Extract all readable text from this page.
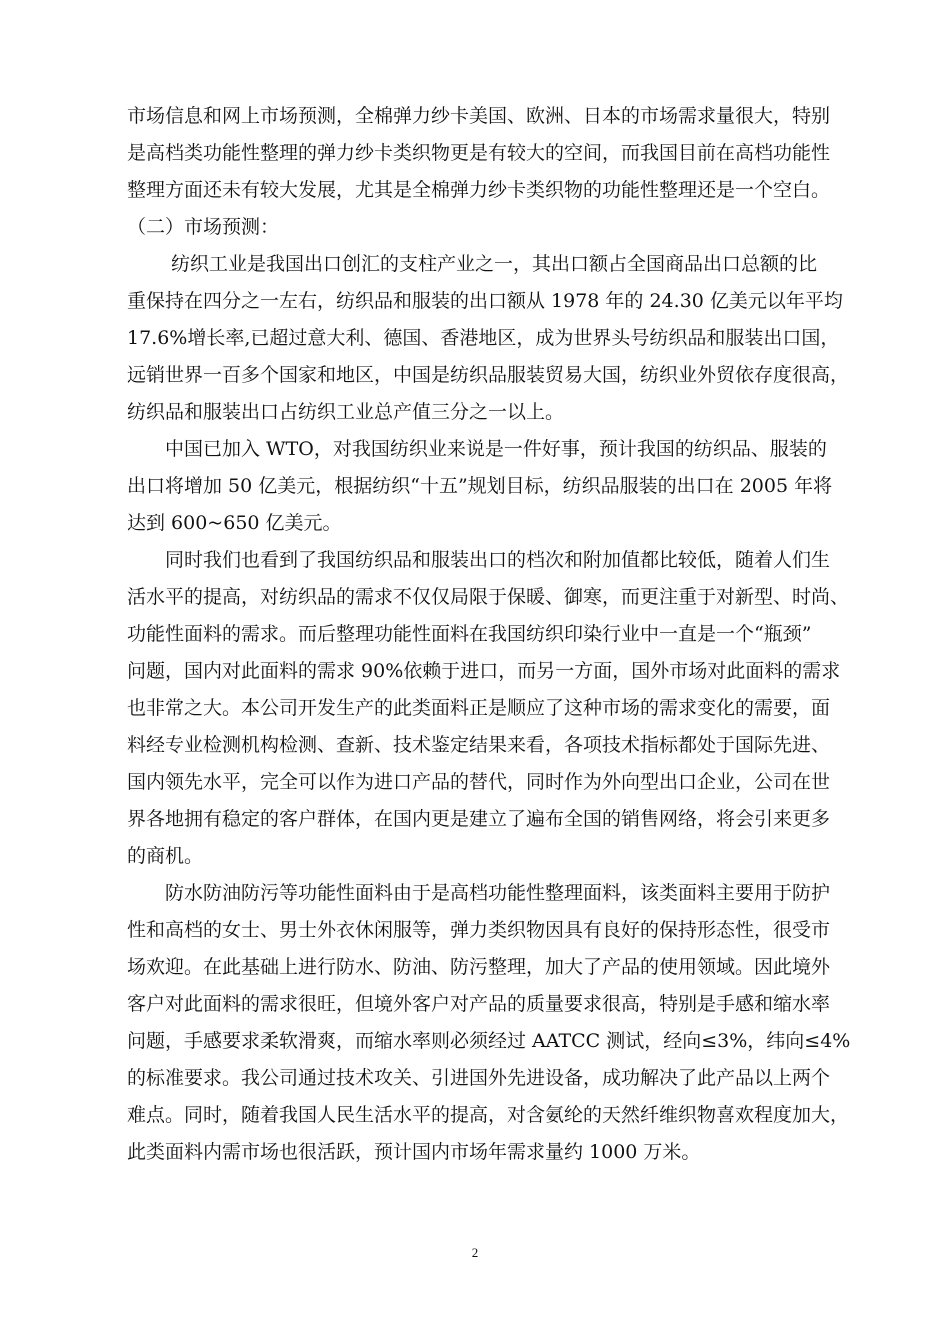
市场信息和网上市场预测，全棉弹力纱卡美国、欧洲、日本的市场需求量很大，特别
是高档类功能性整理的弹力纱卡类织物更是有较大的空间，而我国目前在高档功能性
整理方面还未有较大发展，尤其是全棉弹力纱卡类织物的功能性整理还是一个空白。
（二）市场预测：
纺织工业是我国出口创汇的支柱产业之一，其出口额占全国商品出口总额的比
重保持在四分之一左右，纺织品和服装的出口额从 1978 年的 24.30 亿美元以年平均
17.6%增长率,已超过意大利、德国、香港地区，成为世界头号纺织品和服装出口国，
远销世界一百多个国家和地区，中国是纺织品服装贸易大国，纺织业外贸依存度很高，
纺织品和服装出口占纺织工业总产值三分之一以上。
中国已加入 WTO，对我国纺织业来说是一件好事，预计我国的纺织品、服装的
出口将增加 50 亿美元，根据纺织“十五”规划目标，纺织品服装的出口在 2005 年将
达到 600~650 亿美元。
同时我们也看到了我国纺织品和服装出口的档次和附加值都比较低，随着人们生
活水平的提高，对纺织品的需求不仅仅局限于保暖、御寒，而更注重于对新型、时尚、
功能性面料的需求。而后整理功能性面料在我国纺织印染行业中一直是一个“瓶颈”
问题，国内对此面料的需求 90%依赖于进口，而另一方面，国外市场对此面料的需求
也非常之大。本公司开发生产的此类面料正是顺应了这种市场的需求变化的需要，面
料经专业检测机构检测、查新、技术鉴定结果来看，各项技术指标都处于国际先进、
国内领先水平，完全可以作为进口产品的替代，同时作为外向型出口企业，公司在世
界各地拥有稳定的客户群体，在国内更是建立了遍布全国的销售网络，将会引来更多
的商机。
防水防油防污等功能性面料由于是高档功能性整理面料，该类面料主要用于防护
性和高档的女士、男士外衣休闲服等，弹力类织物因具有良好的保持形态性，很受市
场欢迎。在此基础上进行防水、防油、防污整理，加大了产品的使用领域。因此境外
客户对此面料的需求很旺，但境外客户对产品的质量要求很高，特别是手感和缩水率
问题，手感要求柔软滑爽，而缩水率则必须经过 AATCC 测试，经向≤3%，纬向≤4%
的标准要求。我公司通过技术攻关、引进国外先进设备，成功解决了此产品以上两个
难点。同时，随着我国人民生活水平的提高，对含氨纶的天然纤维织物喜欢程度加大，
此类面料内需市场也很活跃，预计国内市场年需求量约 1000 万米。
2
